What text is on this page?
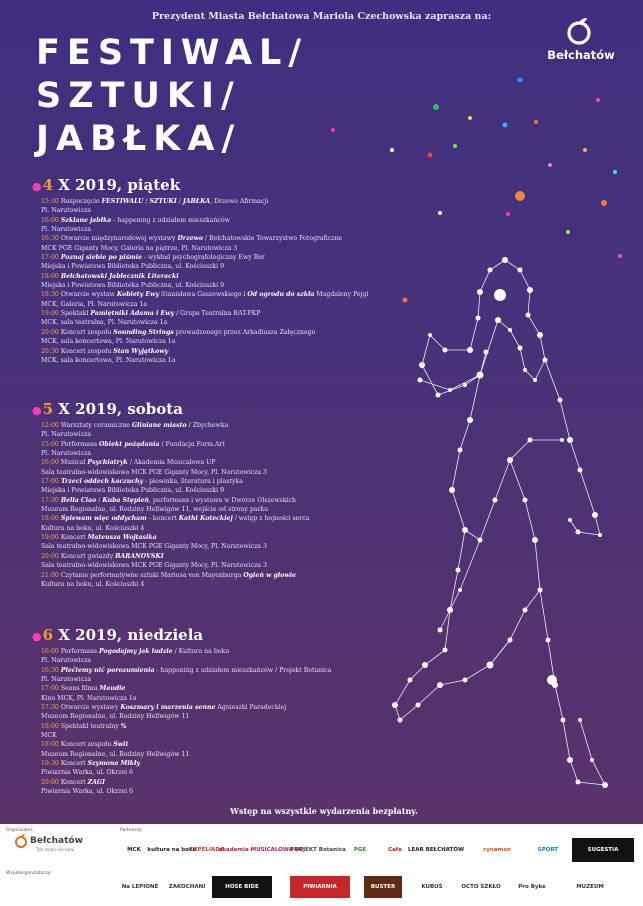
Prezydent Miasta Bełchatowa Mariola Czechowska zaprasza na:
FESTIWAL/
SZTUKI/
JABŁKA/
Bełchatów
●4 X 2019, piątek
15:30 Rozpoczęcie FESTIWALU / SZTUKI / JABŁKA, Drzewo Afirmacji
Pl. Narutowicza
16:00 Szklane jabłka - happening z udziałem mieszkańców
Pl. Narutowicza
16:30 Otwarcie międzynarodowej wystawy Drzewo / Bełchatowskie Towarzystwo Fotograficzne
MCK PGE Giganty Mocy, Galeria na piętrze, Pl. Narutowicza 3
17:00 Poznaj siebie po piśmie - wykład psychografologiczny Ewy Ber
Miejska i Powiatowa Biblioteka Publiczna, ul. Kościuszki 9
18:00 Bełchatowski Jabłecznik Literacki
Miejska i Powiatowa Biblioteka Publiczna, ul. Kościuszki 9
18:30 Otwarcie wystaw Kobiety Ewy Stanisława Gaszewskiego i Od ogrodu do szkła Magdaleny Pejgi
MCK, Galeria, Pl. Narutowicza 1a
19:00 Spektakl Pamiętniki Adama i Ewy / Grupa Teatralna BAT-PKP
MCK, sala teatralna, Pl. Narutowicza 1a
20:00 Koncert zespołu Sounding Strings prowadzonego przez Arkadiusza Załęcznego
MCK, sala koncertowa, Pl. Narutowicza 1a
20:30 Koncert zespołu Stan Wyjątkowy
MCK, sala koncertowa, Pl. Narutowicza 1a
●5 X 2019, sobota
12:00 Warsztaty ceramiczne Gliniane miasto / Zbychewka
Pl. Narutowicza
15:00 Performans Obiekt pożądania / Fundacja Form.Art
Pl. Narutowicza
16:00 Musical Psychiatryk / Akademia Musicalowa UP
Sala teatralno-widowiskowa MCK PGE Giganty Mocy, Pl. Narutowicza 3
17:00 Trzeci oddech kaczuchy - piosenka, literatura i plastyka
Miejska i Powiatowa Biblioteka Publiczna, ul. Kościuszki 9
17:30 Bella Ciao / Kuba Stępień, performans i wystawa w Dworze Olszewskich
Muzeum Regionalne, ul. Rodziny Hellwigów 11, wejście od strony parku
18:00 Śpiewam więc oddycham - koncert Kathi Koteckiej / wstęp z hojności serca
Kultura na boku, ul. Kościuszki 4
19:00 Koncert Mateusza Wojtasika
Sala teatralno-widowiskowa MCK PGE Giganty Mocy, Pl. Narutowicza 3
20:00 Koncert gwiazdy BARANOVSKI
Sala teatralno-widowiskowa MCK PGE Giganty Mocy, Pl. Narutowicza 3
21:00 Czytanie performatywne sztuki Mariusa von Mayenburga Ogień w głowie
Kultura na boku, ul. Kościuszki 4
●6 X 2019, niedziela
16:00 Performans Pogodajmy jak ludzie / Kultura na boku
Pl. Narutowicza
16:30 Plećiemy nić porozumienia - happening z udziałem mieszkańców / Projekt Botanica
Pl. Narutowicza
17:00 Seans filmu Maudie
Kino MCK, Pl. Narutowicza 1a
17:30 Otwarcie wystawy Koszmary i marzenia senne Agnieszki Paradeckiej
Muzeum Regionalne, ul. Rodziny Hellwigów 11
18:00 Spektakl teatralny %
MCK
18:00 Koncert zespołu Świt
Muzeum Regionalne, ul. Rodziny Hellwigów 11
19:30 Koncert Szymona Mikły
Piwiarnia Warka, ul. Okrzei 6
20:00 Koncert ZAGI
Piwiarnia Warka, ul. Okrzei 6
Wstęp na wszystkie wydarzenia bezpłatny.
Organizator:	Partnerzy:
Współorganizatorzy:
Bełchatów
Tyle dzieje się tutaj	MCK	kultura na boku
CEPELIADA
akademia MUSICALOWA UP
PROJEKT Botanica	PGE	Cafe	LEAR BEŁCHATÓW	cynamon	SPORT	SUGESTIA
Na LEPIONE	ZAKOCHANI	HOSE BIDE	PIWIARNIA	BUSTER	KUBUŚ	OCTO SZKŁO	Pro Byke	MUZEUM
